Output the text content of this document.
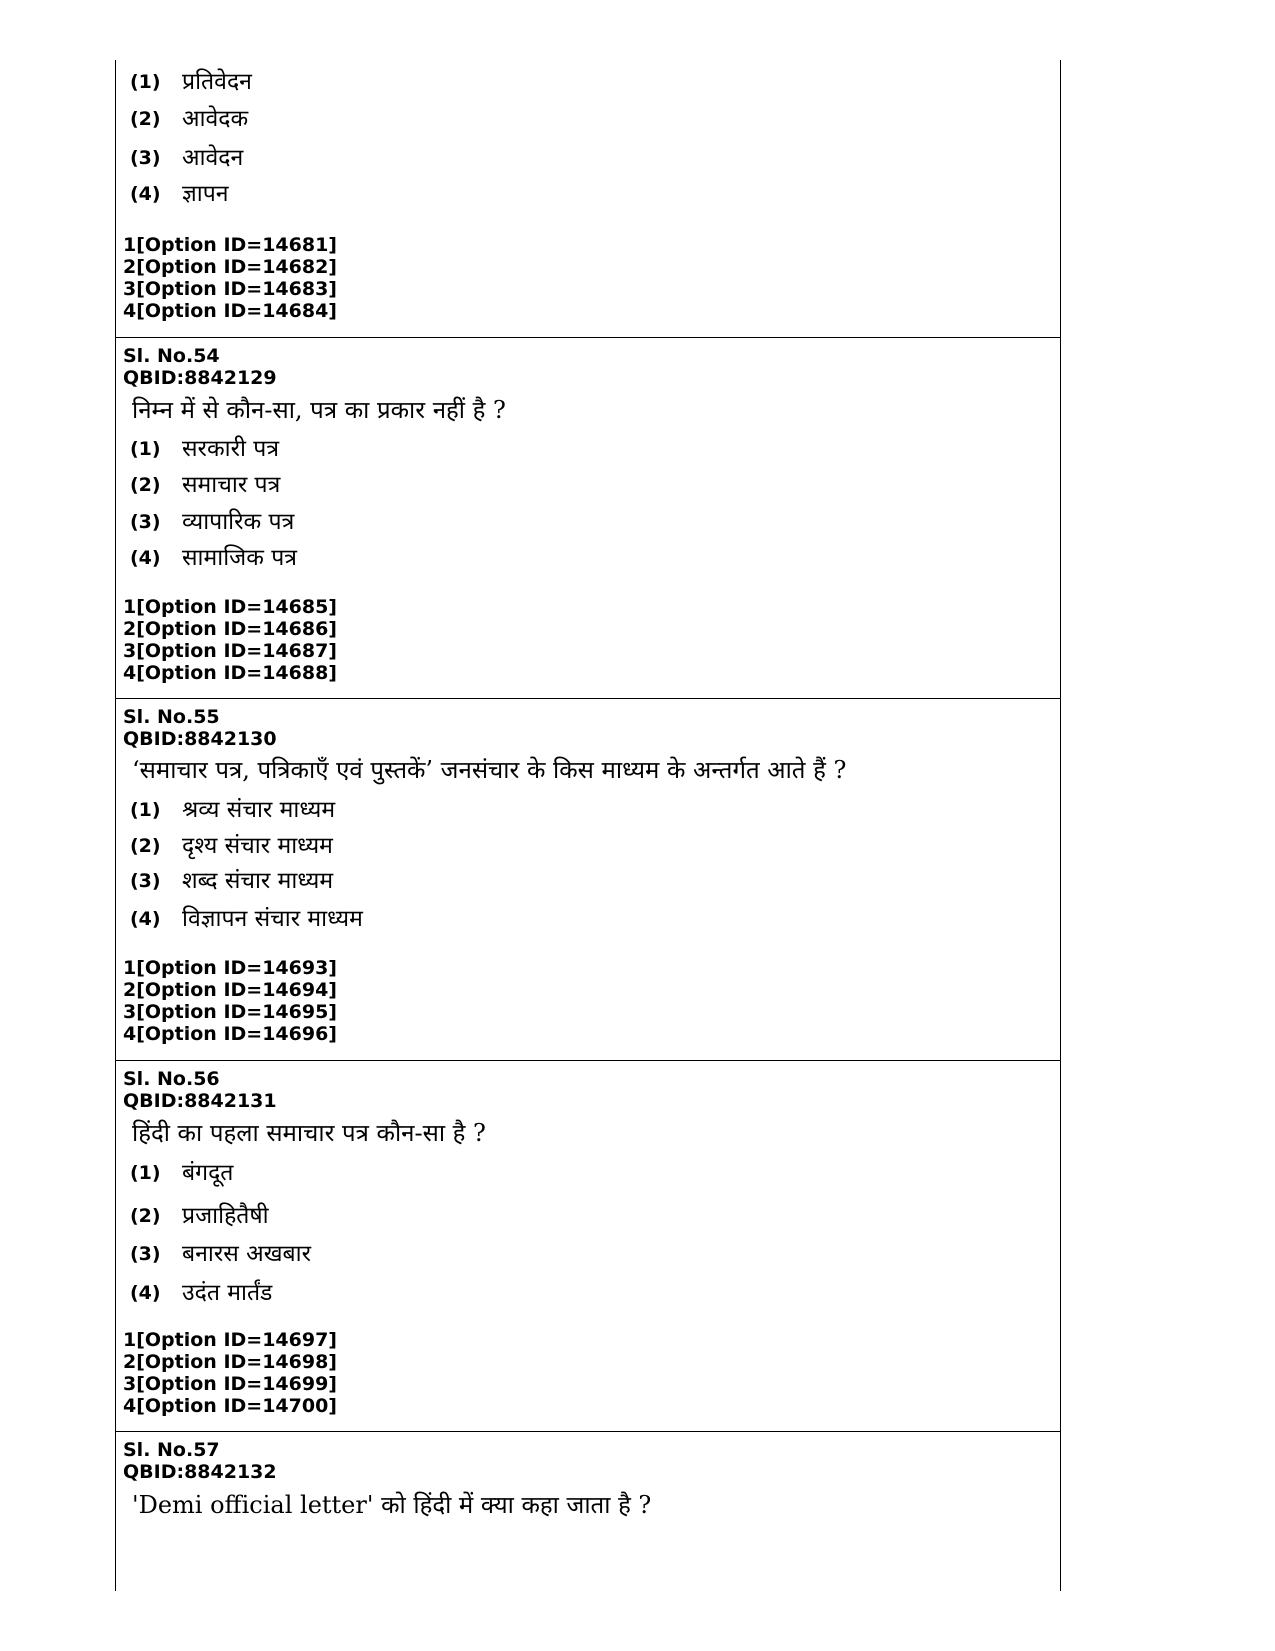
(1) प्रतिवेदन
(2) आवेदक
(3) आवेदन
(4) ज्ञापन
1[Option ID=14681]
2[Option ID=14682]
3[Option ID=14683]
4[Option ID=14684]
Sl. No.54
QBID:8842129
निम्न में से कौन-सा, पत्र का प्रकार नहीं है ?
(1) सरकारी पत्र
(2) समाचार पत्र
(3) व्यापारिक पत्र
(4) सामाजिक पत्र
1[Option ID=14685]
2[Option ID=14686]
3[Option ID=14687]
4[Option ID=14688]
Sl. No.55
QBID:8842130
‘समाचार पत्र, पत्रिकाएँ एवं पुस्तकें’ जनसंचार के किस माध्यम के अन्तर्गत आते हैं ?
(1) श्रव्य संचार माध्यम
(2) दृश्य संचार माध्यम
(3) शब्द संचार माध्यम
(4) विज्ञापन संचार माध्यम
1[Option ID=14693]
2[Option ID=14694]
3[Option ID=14695]
4[Option ID=14696]
Sl. No.56
QBID:8842131
हिंदी का पहला समाचार पत्र कौन-सा है ?
(1) बंगदूत
(2) प्रजाहितैषी
(3) बनारस अखबार
(4) उदंत मार्तंड
1[Option ID=14697]
2[Option ID=14698]
3[Option ID=14699]
4[Option ID=14700]
Sl. No.57
QBID:8842132
'Demi official letter' को हिंदी में क्या कहा जाता है ?
